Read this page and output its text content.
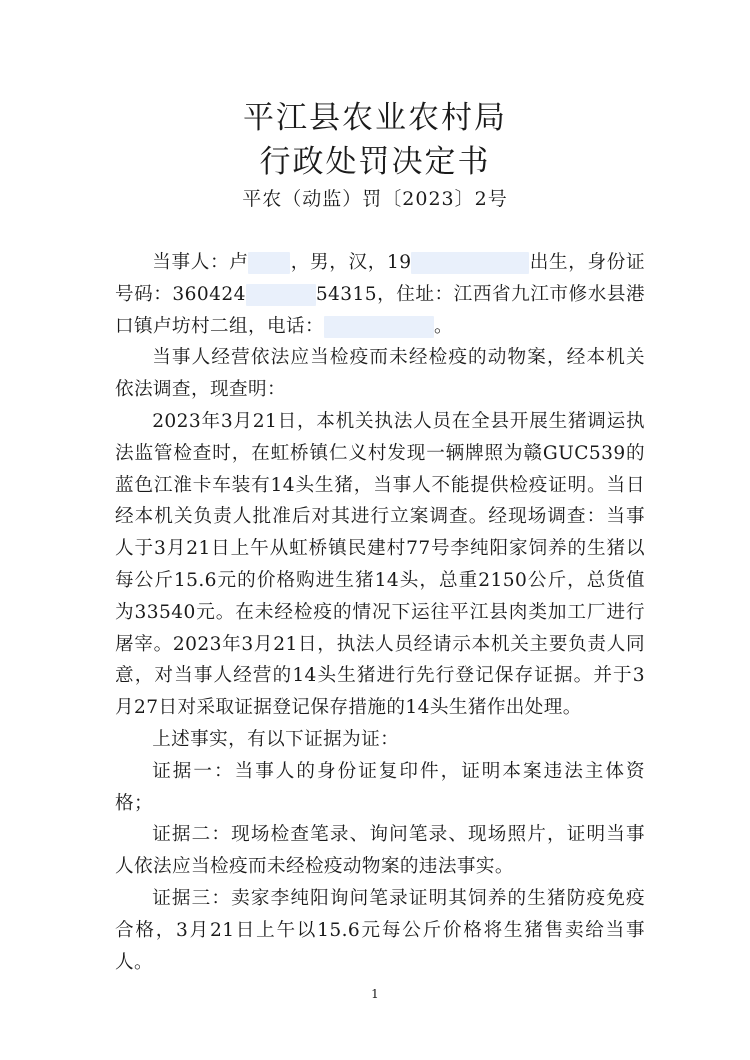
平江县农业农村局
行政处罚决定书
平农（动监）罚〔2023〕2号

当事人：卢 ，男，汉，19	出生，身份证号码：360424	54315，住址：江西省九江市修水县港口镇卢坊村二组，电话：	。

当事人经营依法应当检疫而未经检疫的动物案，经本机关依法调查，现查明：

2023年3月21日，本机关执法人员在全县开展生猪调运执法监管检查时，在虹桥镇仁义村发现一辆牌照为赣GUC539的蓝色江淮卡车装有14头生猪，当事人不能提供检疫证明。当日经本机关负责人批准后对其进行立案调查。经现场调查：当事人于3月21日上午从虹桥镇民建村77号李纯阳家饲养的生猪以每公斤15.6元的价格购进生猪14头，总重2150公斤，总货值为33540元。在未经检疫的情况下运往平江县肉类加工厂进行屠宰。2023年3月21日，执法人员经请示本机关主要负责人同意，对当事人经营的14头生猪进行先行登记保存证据。并于3月27日对采取证据登记保存措施的14头生猪作出处理。

上述事实，有以下证据为证：

证据一：当事人的身份证复印件，证明本案违法主体资格；

证据二：现场检查笔录、询问笔录、现场照片，证明当事人依法应当检疫而未经检疫动物案的违法事实。

证据三：卖家李纯阳询问笔录证明其饲养的生猪防疫免疫合格，3月21日上午以15.6元每公斤价格将生猪售卖给当事人。

1
